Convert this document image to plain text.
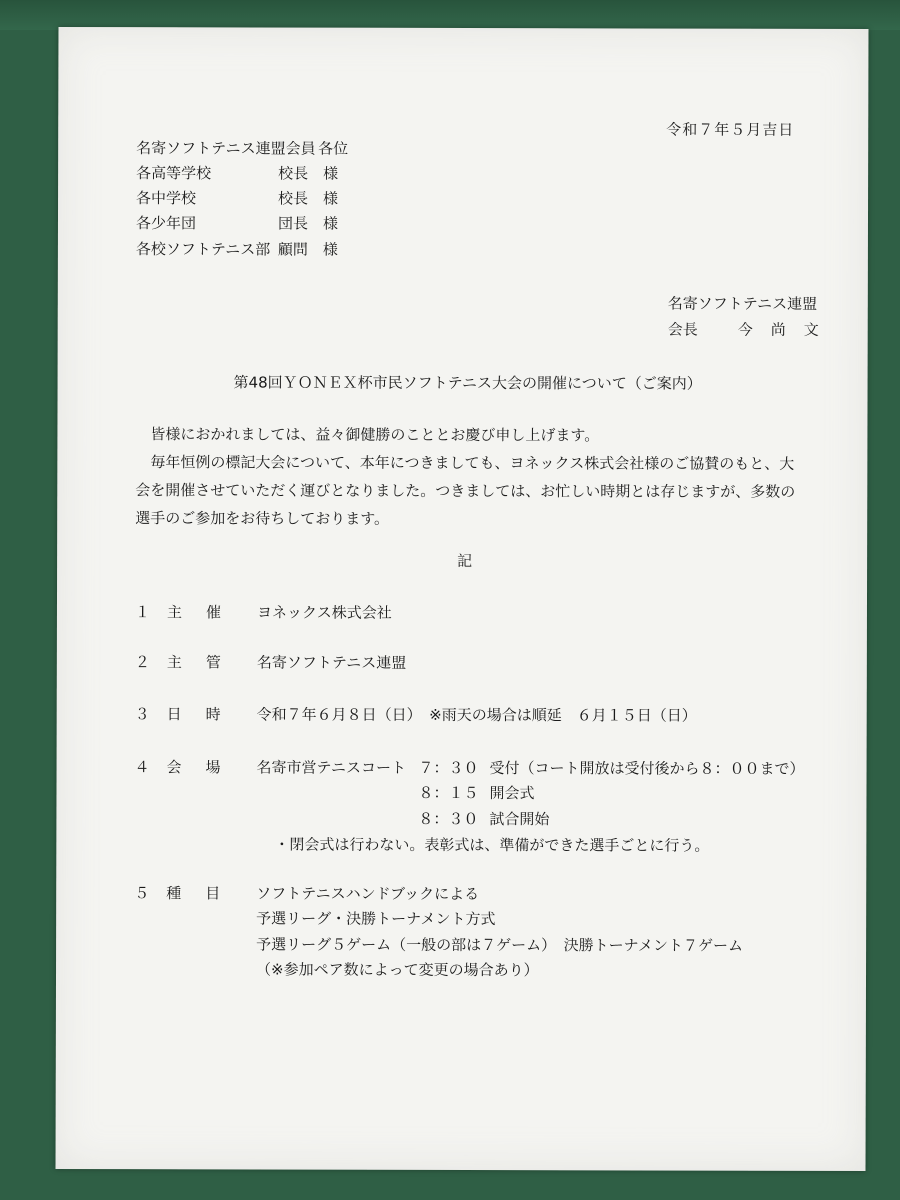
令和７年５月吉日
名寄ソフトテニス連盟会員 各位
各高等学校	校長　様
各中学校	校長　様
各少年団	団長　様
各校ソフトテニス部 顧問　様
名寄ソフトテニス連盟
会長	今尚文
第48回ＹＯＮＥＸ杯市民ソフトテニス大会の開催について（ご案内）
皆様におかれましては、益々御健勝のこととお慶び申し上げます。
毎年恒例の標記大会について、本年につきましても、ヨネックス株式会社様のご協賛のもと、大会を開催させていただく運びとなりました。つきましては、お忙しい時期とは存じますが、多数の選手のご参加をお待ちしております。
記
１ 主催 ヨネックス株式会社
２ 主管 名寄ソフトテニス連盟
３ 日時 令和７年６月８日（日）　※雨天の場合は順延　６月１５日（日）
４ 会場 名寄市営テニスコート ７：３０ 受付（コート開放は受付後から８：００まで）
８：１５ 開会式
８：３０ 試合開始
・閉会式は行わない。表彰式は、準備ができた選手ごとに行う。
５ 種目 ソフトテニスハンドブックによる
予選リーグ・決勝トーナメント方式
予選リーグ５ゲーム（一般の部は７ゲーム）　決勝トーナメント７ゲーム
（※参加ペア数によって変更の場合あり）
